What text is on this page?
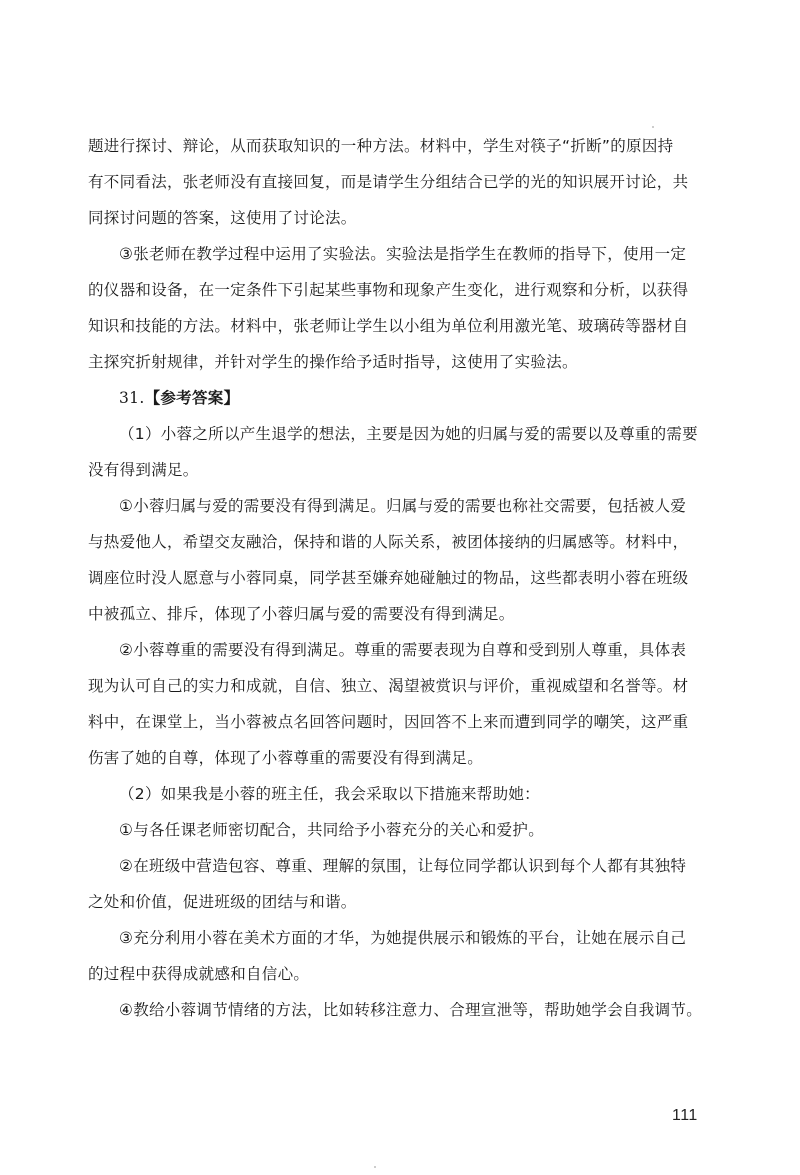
题进行探讨、辩论，从而获取知识的一种方法。材料中，学生对筷子“折断”的原因持
有不同看法，张老师没有直接回复，而是请学生分组结合已学的光的知识展开讨论，共
同探讨问题的答案，这使用了讨论法。
③张老师在教学过程中运用了实验法。实验法是指学生在教师的指导下，使用一定
的仪器和设备，在一定条件下引起某些事物和现象产生变化，进行观察和分析，以获得
知识和技能的方法。材料中，张老师让学生以小组为单位利用激光笔、玻璃砖等器材自
主探究折射规律，并针对学生的操作给予适时指导，这使用了实验法。
31.【参考答案】
（1）小蓉之所以产生退学的想法，主要是因为她的归属与爱的需要以及尊重的需要
没有得到满足。
①小蓉归属与爱的需要没有得到满足。归属与爱的需要也称社交需要，包括被人爱
与热爱他人，希望交友融洽，保持和谐的人际关系，被团体接纳的归属感等。材料中，
调座位时没人愿意与小蓉同桌，同学甚至嫌弃她碰触过的物品，这些都表明小蓉在班级
中被孤立、排斥，体现了小蓉归属与爱的需要没有得到满足。
②小蓉尊重的需要没有得到满足。尊重的需要表现为自尊和受到别人尊重，具体表
现为认可自己的实力和成就，自信、独立、渴望被赏识与评价，重视威望和名誉等。材
料中，在课堂上，当小蓉被点名回答问题时，因回答不上来而遭到同学的嘲笑，这严重
伤害了她的自尊，体现了小蓉尊重的需要没有得到满足。
（2）如果我是小蓉的班主任，我会采取以下措施来帮助她：
①与各任课老师密切配合，共同给予小蓉充分的关心和爱护。
②在班级中营造包容、尊重、理解的氛围，让每位同学都认识到每个人都有其独特
之处和价值，促进班级的团结与和谐。
③充分利用小蓉在美术方面的才华，为她提供展示和锻炼的平台，让她在展示自己
的过程中获得成就感和自信心。
④教给小蓉调节情绪的方法，比如转移注意力、合理宣泄等，帮助她学会自我调节。
111
